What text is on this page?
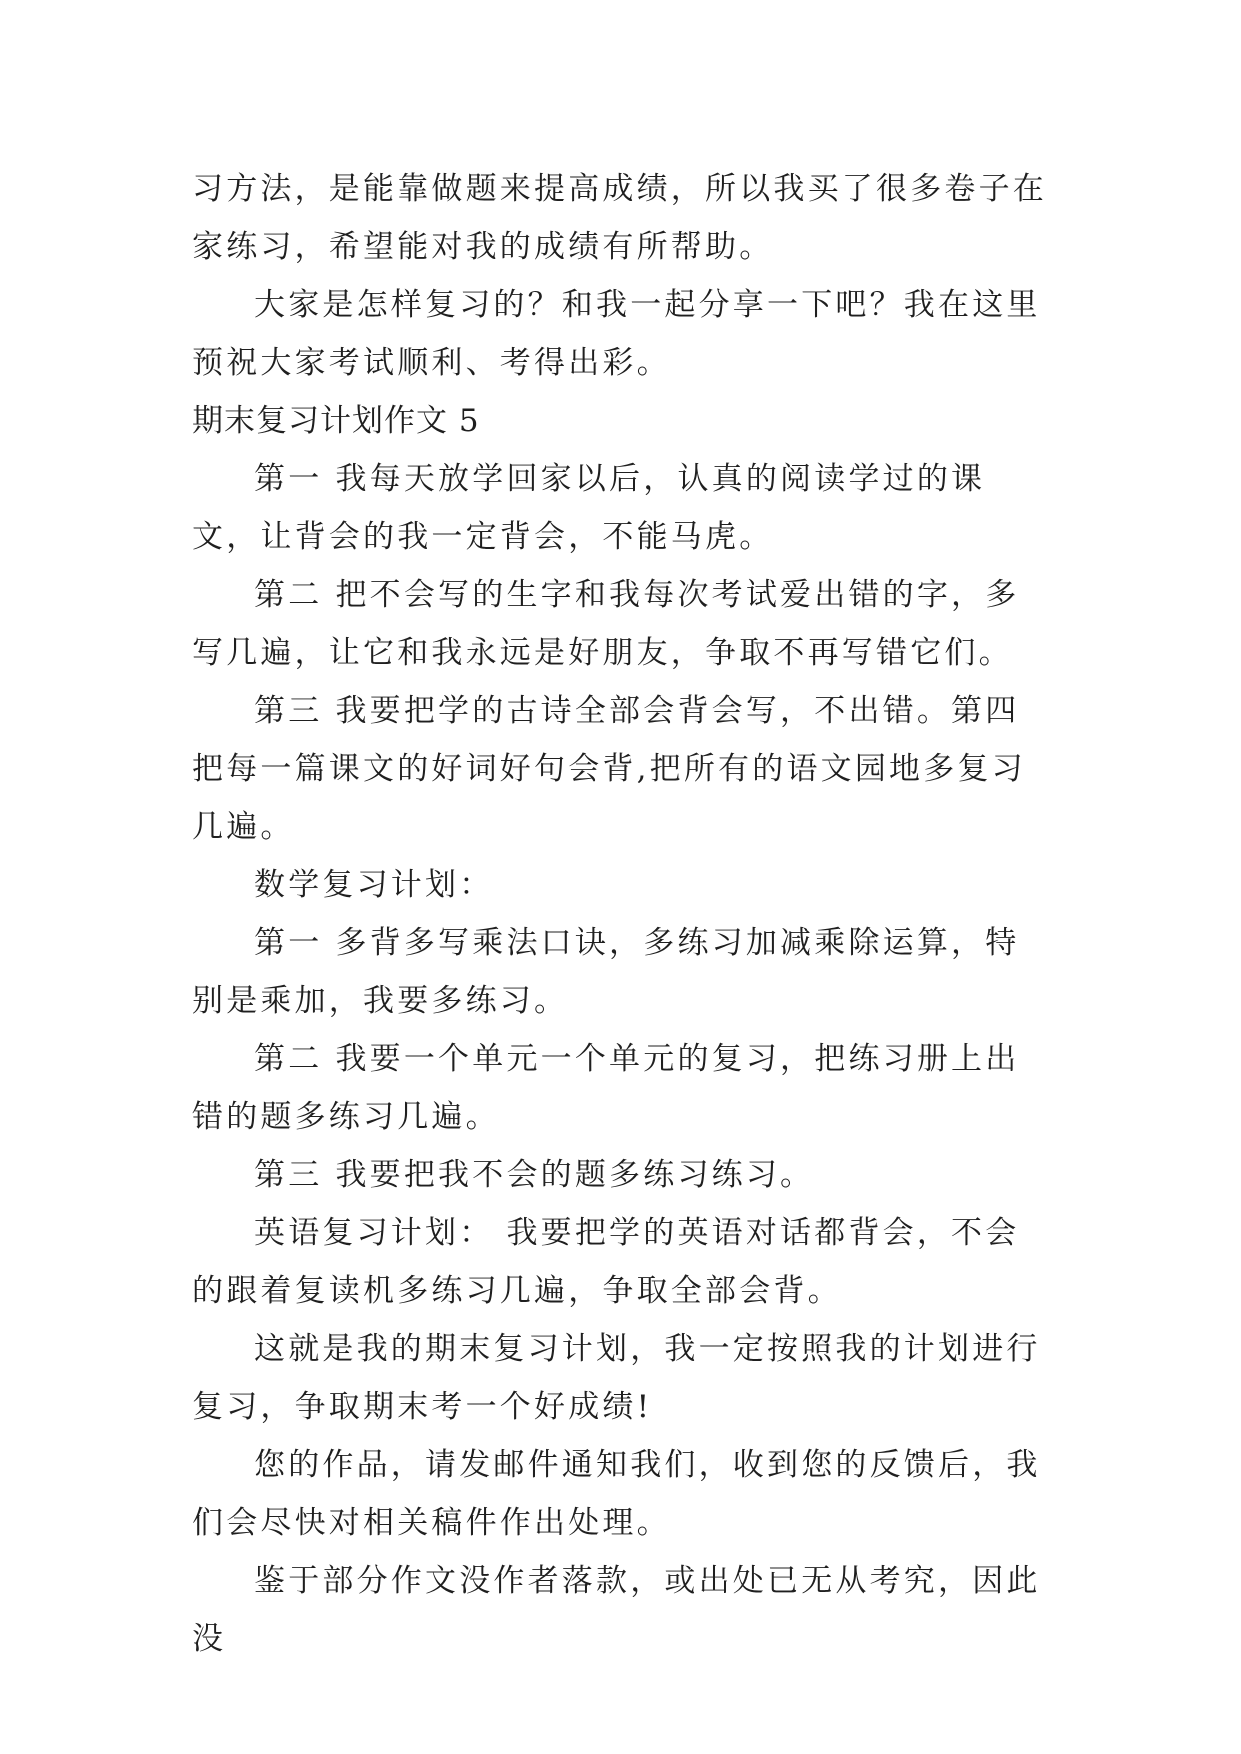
习方法，是能靠做题来提高成绩，所以我买了很多卷子在家练习，希望能对我的成绩有所帮助。

大家是怎样复习的？和我一起分享一下吧？我在这里预祝大家考试顺利、考得出彩。

期末复习计划作文 5

第一 我每天放学回家以后，认真的阅读学过的课文，让背会的我一定背会，不能马虎。

第二 把不会写的生字和我每次考试爱出错的字，多写几遍，让它和我永远是好朋友，争取不再写错它们。

第三 我要把学的古诗全部会背会写，不出错。第四 把每一篇课文的好词好句会背,把所有的语文园地多复习几遍。

数学复习计划：

第一 多背多写乘法口诀，多练习加减乘除运算，特别是乘加，我要多练习。

第二 我要一个单元一个单元的复习，把练习册上出错的题多练习几遍。

第三 我要把我不会的题多练习练习。

英语复习计划： 我要把学的英语对话都背会，不会的跟着复读机多练习几遍，争取全部会背。

这就是我的期末复习计划，我一定按照我的计划进行复习，争取期末考一个好成绩!

您的作品，请发邮件通知我们，收到您的反馈后，我们会尽快对相关稿件作出处理。

鉴于部分作文没作者落款，或出处已无从考究，因此没
